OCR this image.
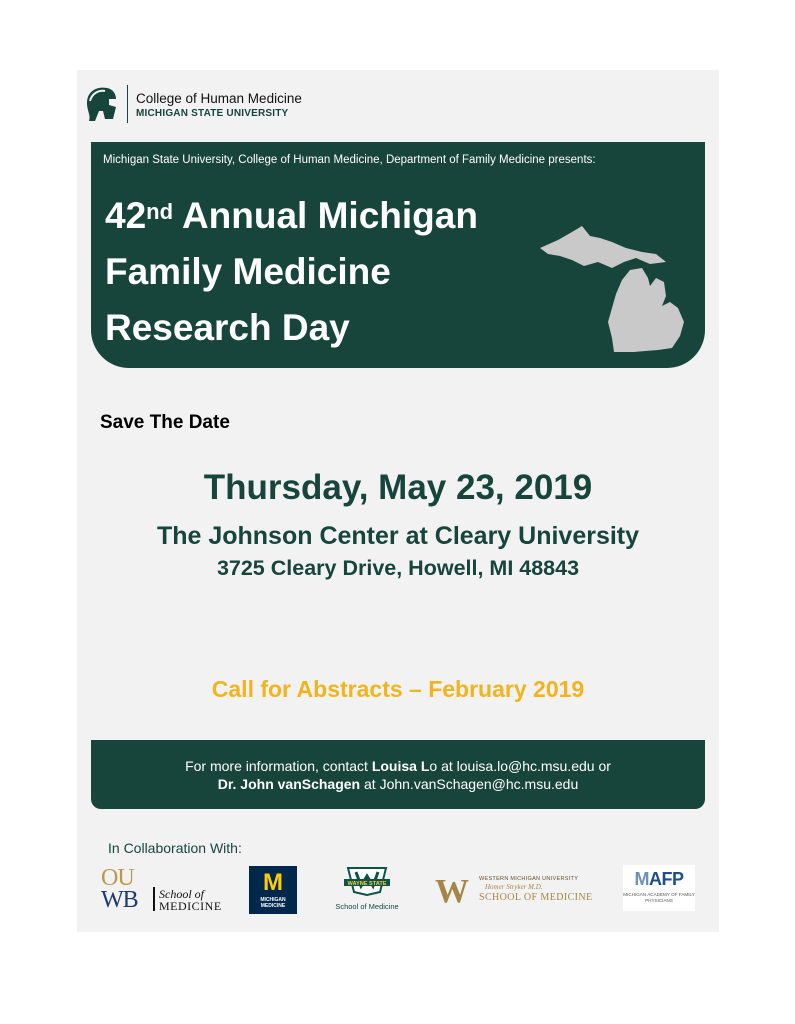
College of Human Medicine
MICHIGAN STATE UNIVERSITY
Michigan State University, College of Human Medicine, Department of Family Medicine presents:
42nd Annual Michigan
Family Medicine
Research Day
Save The Date
Thursday, May 23, 2019
The Johnson Center at Cleary University
3725 Cleary Drive, Howell, MI 48843
Call for Abstracts – February 2019
For more information, contact Louisa Lo at louisa.lo@hc.msu.edu or
Dr. John vanSchagen at John.vanSchagen@hc.msu.edu
In Collaboration With:
OU
WB School of
MEDICINE
M
MICHIGAN MEDICINE
WAYNE STATE
School of Medicine W WESTERN MICHIGAN UNIVERSITY
Homer Stryker M.D.
SCHOOL OF MEDICINE
MAFP
MICHIGAN ACADEMY OF FAMILY PHYSICIANS
